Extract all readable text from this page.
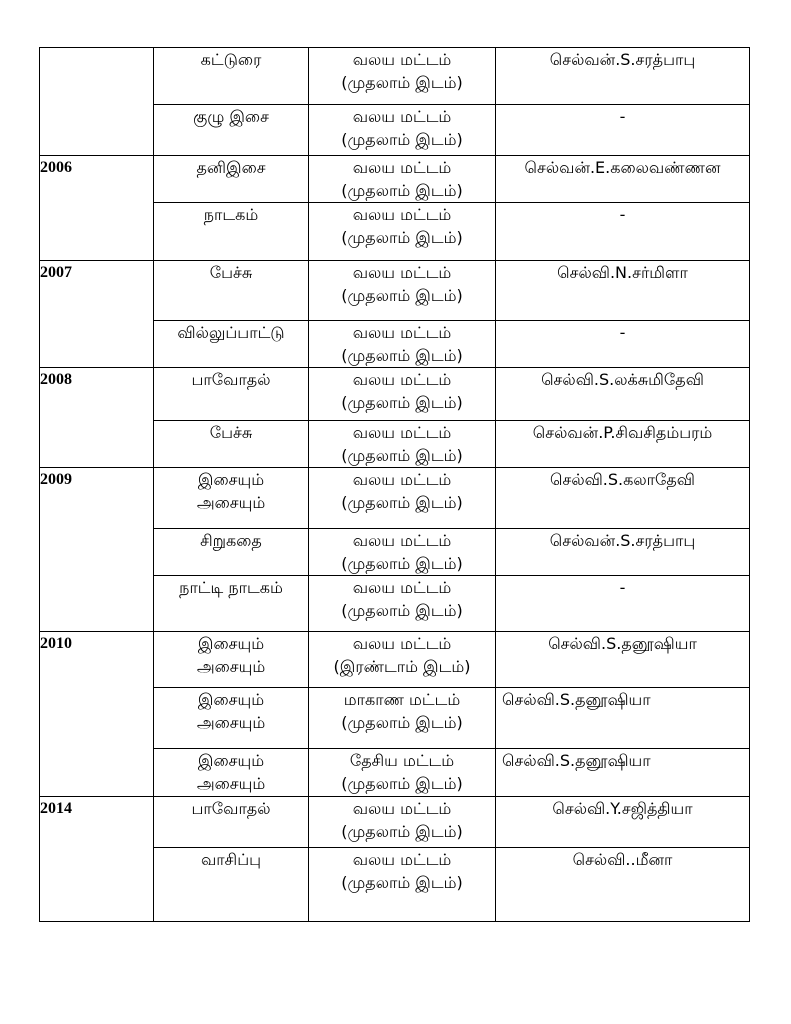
	கட்டுரை	வலய மட்டம்
(முதலாம் இடம்)	செல்வன்.S.சரத்பாபு

	குழு இசை	வலய மட்டம்
(முதலாம் இடம்)	-

2006	தனிஇசை	வலய மட்டம்
(முதலாம் இடம்)	செல்வன்.E.கலைவண்ணன

	நாடகம்	வலய மட்டம்
(முதலாம் இடம்)	-

2007	பேச்சு	வலய மட்டம்
(முதலாம் இடம்)	செல்வி.N.சர்மிளா

	வில்லுப்பாட்டு	வலய மட்டம்
(முதலாம் இடம்)	-

2008	பாவோதல்	வலய மட்டம்
(முதலாம் இடம்)	செல்வி.S.லக்சுமிதேவி

	பேச்சு	வலய மட்டம்
(முதலாம் இடம்)	செல்வன்.P.சிவசிதம்பரம்

2009	இசையும்
அசையும்	வலய மட்டம்
(முதலாம் இடம்)	செல்வி.S.கலாதேவி

	சிறுகதை	வலய மட்டம்
(முதலாம் இடம்)	செல்வன்.S.சரத்பாபு

	நாட்டி நாடகம்	வலய மட்டம்
(முதலாம் இடம்)	-

2010	இசையும்
அசையும்	வலய மட்டம்
(இரண்டாம் இடம்)	செல்வி.S.தனூஷியா

	இசையும்
அசையும்	மாகாண மட்டம்
(முதலாம் இடம்)	செல்வி.S.தனூஷியா

	இசையும்
அசையும்	தேசிய மட்டம்
(முதலாம் இடம்)	செல்வி.S.தனூஷியா

2014	பாவோதல்	வலய மட்டம்
(முதலாம் இடம்)	செல்வி.Y.சஜித்தியா

	வாசிப்பு	வலய மட்டம்
(முதலாம் இடம்)	செல்வி..மீனா
